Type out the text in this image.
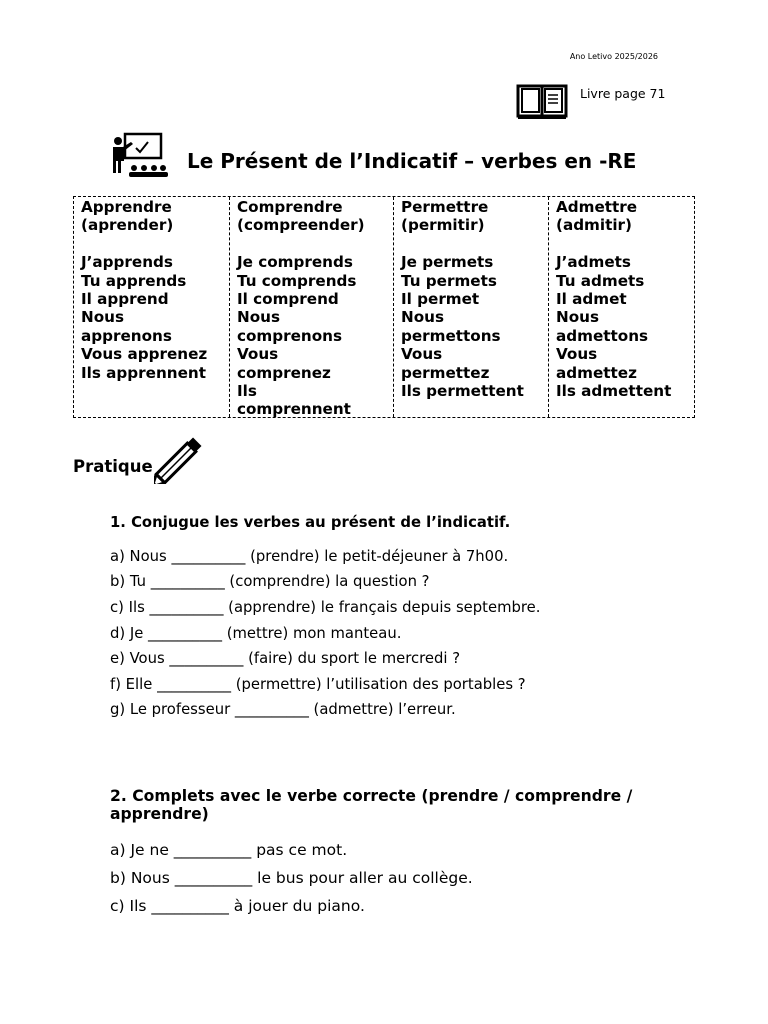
Ano Letivo 2025/2026
Livre page 71
Le Présent de l’Indicatif – verbes en -RE
Apprendre
(aprender)
J’apprends
Tu apprends
Il apprend
Nous
apprenons
Vous apprenez
Ils apprennent
Comprendre
(compreender)
Je comprends
Tu comprends
Il comprend
Nous
comprenons
Vous
comprenez
Ils
comprennent
Permettre
(permitir)
Je permets
Tu permets
Il permet
Nous
permettons
Vous
permettez
Ils permettent
Admettre
(admitir)
J’admets
Tu admets
Il admet
Nous
admettons
Vous
admettez
Ils admettent
Pratique
1. Conjugue les verbes au présent de l’indicatif.
a) Nous __________ (prendre) le petit-déjeuner à 7h00.
b) Tu __________ (comprendre) la question ?
c) Ils __________ (apprendre) le français depuis septembre.
d) Je __________ (mettre) mon manteau.
e) Vous __________ (faire) du sport le mercredi ?
f) Elle __________ (permettre) l’utilisation des portables ?
g) Le professeur __________ (admettre) l’erreur.
2. Complets avec le verbe correcte (prendre / comprendre / apprendre)
a) Je ne __________ pas ce mot.
b) Nous __________ le bus pour aller au collège.
c) Ils __________ à jouer du piano.
